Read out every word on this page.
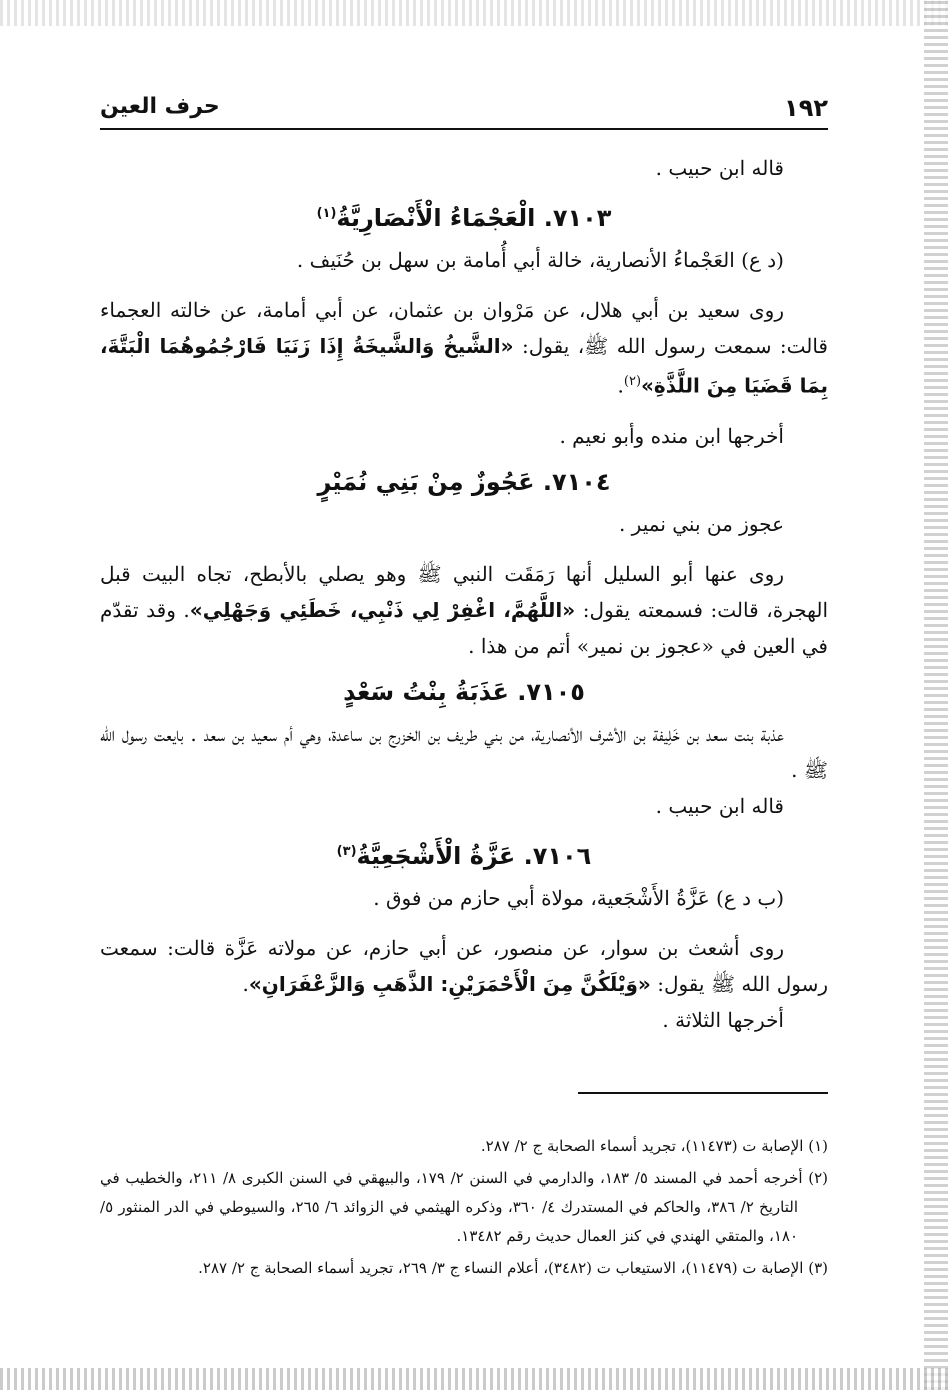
١٩٢
حرف العين

قاله ابن حبيب .

٧١٠٣. الْعَجْمَاءُ الْأَنْصَارِيَّةُ$^{(١)}$

(د ع) العَجْماءُ الأنصارية، خالة أبي أُمامة بن سهل بن حُنَيف .

روى سعيد بن أبي هلال، عن مَرْوان بن عثمان، عن أبي أمامة، عن خالته العجماء قالت: سمعت رسول الله ﷺ، يقول: «الشَّيخُ وَالشَّيخَةُ إِذَا زَنَيَا فَارْجُمُوهُمَا الْبَتَّةَ، بِمَا قَضَيَا مِنَ اللَّذَّةِ»$^{(٢)}$.

أخرجها ابن منده وأبو نعيم .

٧١٠٤. عَجُوزٌ مِنْ بَنِي نُمَيْرٍ

عجوز من بني نمير .

روى عنها أبو السليل أنها رَمَقَت النبي ﷺ وهو يصلي بالأبطح، تجاه البيت قبل الهجرة، قالت: فسمعته يقول: «اللَّهُمَّ، اغْفِرْ لِي ذَنْبِي، خَطَئِي وَجَهْلِي». وقد تقدّم في العين في «عجوز بن نمير» أتم من هذا .

٧١٠٥. عَذَبَةُ بِنْتُ سَعْدٍ

عذبة بنت سعد بن خَلِيفة بن الأشرف الأنصارية، من بني طريف بن الخزرج بن ساعدة، وهي أم سعيد بن سعد . بايعت رسول الله ﷺ .

قاله ابن حبيب .

٧١٠٦. عَزَّةُ الْأَشْجَعِيَّةُ$^{(٣)}$

(ب د ع) عَزَّةُ الأَشْجَعية، مولاة أبي حازم من فوق .

روى أشعث بن سوار، عن منصور، عن أبي حازم، عن مولاته عَزَّة قالت: سمعت رسول الله ﷺ يقول: «وَيْلَكُنَّ مِنَ الْأَحْمَرَيْنِ: الذَّهَبِ وَالزَّعْفَرَانِ».

أخرجها الثلاثة .

(١) الإصابة ت (١١٤٧٣)، تجريد أسماء الصحابة ج ٢/ ٢٨٧.

(٢) أخرجه أحمد في المسند ٥/ ١٨٣، والدارمي في السنن ٢/ ١٧٩، والبيهقي في السنن الكبرى ٨/ ٢١١، والخطيب في التاريخ ٢/ ٣٨٦، والحاكم في المستدرك ٤/ ٣٦٠، وذكره الهيثمي في الزوائد ٦/ ٢٦٥، والسيوطي في الدر المنثور ٥/ ١٨٠، والمتقي الهندي في كنز العمال حديث رقم ١٣٤٨٢.

(٣) الإصابة ت (١١٤٧٩)، الاستيعاب ت (٣٤٨٢)، أعلام النساء ج ٣/ ٢٦٩، تجريد أسماء الصحابة ج ٢/ ٢٨٧.
